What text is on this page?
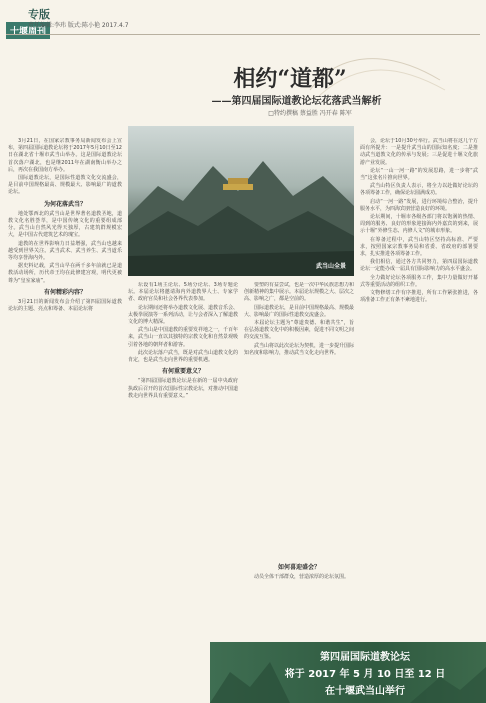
十堰周刊
专版
责任编辑:李玮 版式:陈小艳 2017.4.7
相约“道都”
——第四届国际道教论坛花落武当解析
□特约撰稿 蔡益胜 冯开春 陈军

3月21日，在国家宗教事务局新闻发布会上宣布，第四届国际道教论坛将于2017年5月10日至12日在湖北省十堰市武当山举办。这是国际道教论坛首次落户湖北，也是继2011年在湖南衡山举办之后，再次在我国南方举办。

国际道教论坛，是国际性道教文化交流盛会，是目前中国规格最高、规模最大、影响最广的道教论坛。

为何花落武当？

地处鄂西北的武当山是世界著名道教圣地，道教文化名胜荟萃，是中国传统文化的重要组成部分。武当山自然风光得天独厚，古建筑群规模宏大，是中国古代建筑艺术的瑰宝。

道教的在世界影响力日益增强，武当山也越来越受到世界关注。武当武术、武当养生、武当道乐等均享誉海内外。

据史料记载，武当山早在两千多年前就已是道教活动场所，历代帝王均在此修建宫观，明代更被尊为“皇室家庙”。

有何精彩内容？

3月21日的新闻发布会介绍了第四届国际道教论坛的主题、亮点和筹备、本届论坛将

武当山全景

坛设有1场主论坛、5场分论坛、3场专题论坛。本届论坛将邀请海内外道教界人士、专家学者、政府官员和社会各界代表参加。

论坛期间还将举办道教文化展、道教音乐会、太极拳展演等一系列活动，让与会者深入了解道教文化的博大精深。

武当山是中国道教的重要发祥地之一，千百年来，武当山一直以其独特的宗教文化和自然景观吸引着各地的朝拜者和游客。

此次论坛落户武当，既是对武当山道教文化的肯定，也是武当走向世界的重要机遇。

有何重要意义？

“第四届国际道教论坛是在新的一届中央政府执政后召开的首次国际性宗教论坛，对推动中国道教走向世界具有重要意义。”

要塑的有益尝试，也是一次中华民族思想力和创新精神的集中展示。本届论坛规模之大、层次之高、影响之广，都是空前的。

国际道教论坛，是目前中国规格最高、规模最大、影响最广的国际性道教交流盛会。

本届论坛主题为“尊道贵德、和谐共生”，旨在弘扬道教文化中的积极因素，促进不同文明之间的交流互鉴。

武当山将以此次论坛为契机，进一步提升国际知名度和影响力，推动武当文化走向世界。

会，论坛于10月30号举行。武当山将在这几个方面有所提升：一是提升武当山的国际知名度；二是推动武当道教文化的传承与发展；三是促进十堰文化旅游产业发展。

论坛“一山一河一路”的发展思路，进一步将“武当”这张名片推向世界。

武当山特区负责人表示，将全力以赴做好论坛的各项筹备工作，确保论坛圆满成功。

启动“一河一路”发展，进行环境综合整治，提升服务水平，为四海宾朋营造良好的环境。

论坛期间，十堰市各级各部门将以饱满的热情、周到的服务、良好的形象迎接海内外嘉宾的到来，展示十堰“外修生态、内修人文”的城市形象。

在筹备过程中，武当山特区坚持高标准、严要求，按照国家宗教事务局和省委、省政府的部署要求，扎实推进各项筹备工作。

我们相信，通过各方共同努力，第四届国际道教论坛一定能办成一届具有国际影响力的高水平盛会。

全力做好论坛各项服务工作，集中力量做好开幕式等重要活动的组织工作。

文物修缮工作有序推进，所有工作紧张推进，各项准备工作正有条不紊地进行。

如何喜迎盛会？

动员全体干部群众，营造浓厚的论坛氛围。

第四届国际道教论坛
将于 2017 年 5 月 10 日至 12 日
在十堰武当山举行
